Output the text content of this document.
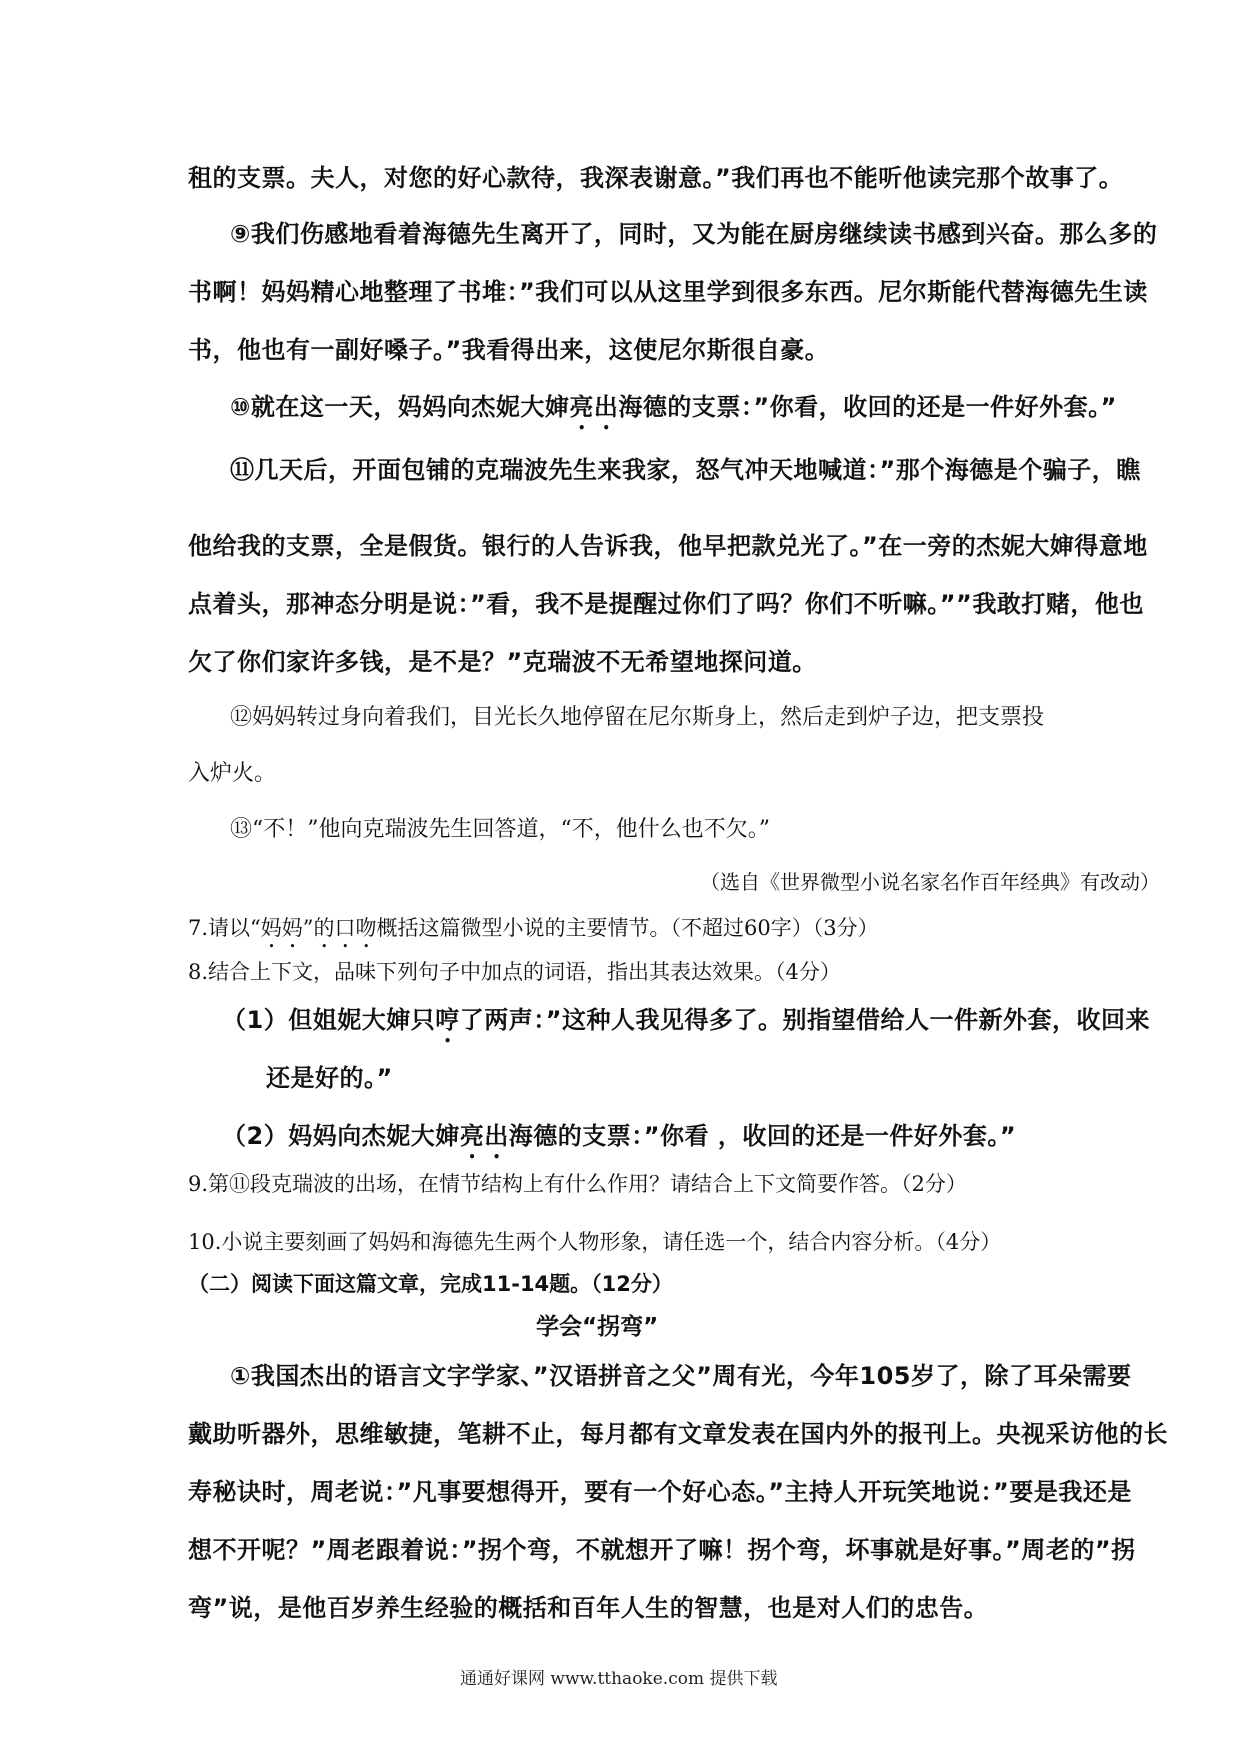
租的支票。夫人，对您的好心款待，我深表谢意。”我们再也不能听他读完那个故事了。
⑨我们伤感地看着海德先生离开了，同时，又为能在厨房继续读书感到兴奋。那么多的
书啊！妈妈精心地整理了书堆：”我们可以从这里学到很多东西。尼尔斯能代替海德先生读
书，他也有一副好嗓子。”我看得出来，这使尼尔斯很自豪。
⑩就在这一天，妈妈向杰妮大婶亮出海德的支票：”你看，收回的还是一件好外套。”
⑪几天后，开面包铺的克瑞波先生来我家，怒气冲天地喊道：”那个海德是个骗子，瞧
他给我的支票，全是假货。银行的人告诉我，他早把款兑光了。”在一旁的杰妮大婶得意地
点着头，那神态分明是说：”看，我不是提醒过你们了吗？你们不听嘛。””我敢打赌，他也
欠了你们家许多钱，是不是？”克瑞波不无希望地探问道。
⑫妈妈转过身向着我们，目光长久地停留在尼尔斯身上，然后走到炉子边，把支票投
入炉火。
⑬“不！”他向克瑞波先生回答道，“不，他什么也不欠。”
（选自《世界微型小说名家名作百年经典》有改动）
7.请以“妈妈”的口吻概括这篇微型小说的主要情节。（不超过60字）（3分）
8.结合上下文，品味下列句子中加点的词语，指出其表达效果。（4分）
（1）但姐妮大婶只哼了两声：”这种人我见得多了。别指望借给人一件新外套，收回来
还是好的。”
（2）妈妈向杰妮大婶亮出海德的支票：”你看 ，收回的还是一件好外套。”
9.第⑪段克瑞波的出场，在情节结构上有什么作用？请结合上下文简要作答。（2分）
10.小说主要刻画了妈妈和海德先生两个人物形象，请任选一个，结合内容分析。（4分）
（二）阅读下面这篇文章，完成11-14题。（12分）
学会“拐弯”
①我国杰出的语言文字学家、”汉语拼音之父”周有光，今年105岁了，除了耳朵需要
戴助听器外，思维敏捷，笔耕不止，每月都有文章发表在国内外的报刊上。央视采访他的长
寿秘诀时，周老说：”凡事要想得开，要有一个好心态。”主持人开玩笑地说：”要是我还是
想不开呢？”周老跟着说：”拐个弯，不就想开了嘛！拐个弯，坏事就是好事。”周老的”拐
弯”说，是他百岁养生经验的概括和百年人生的智慧，也是对人们的忠告。
通通好课网 www.tthaoke.com 提供下载
